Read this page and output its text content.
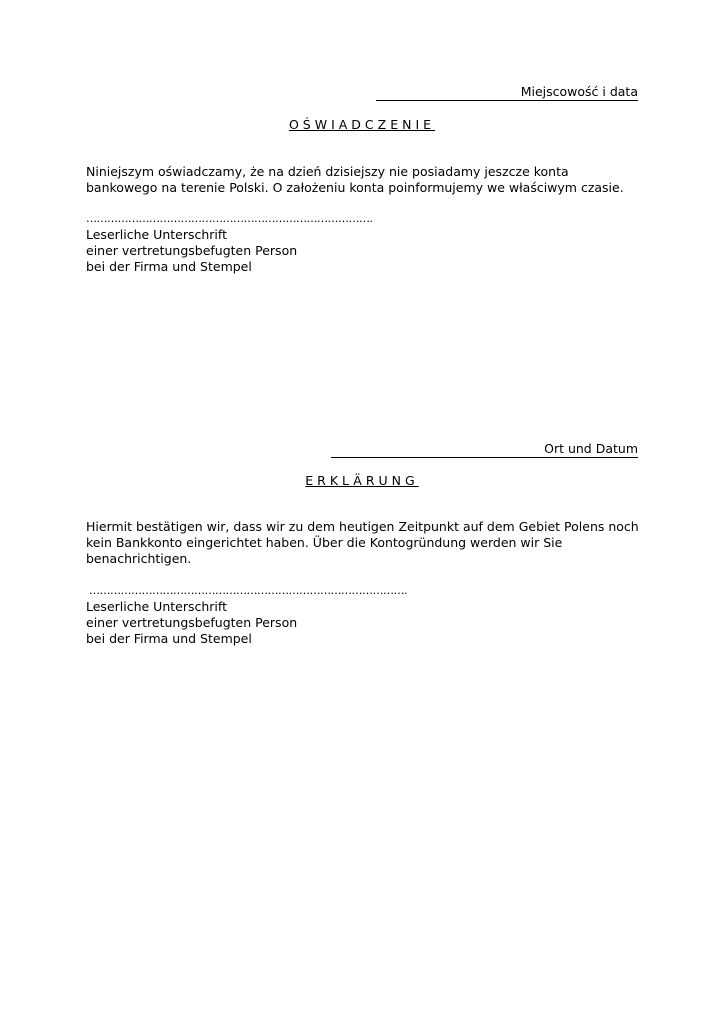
Miejscowość i data
OŚWIADCZENIE
Niniejszym oświadczamy, że na dzień dzisiejszy nie posiadamy jeszcze konta bankowego na terenie Polski. O założeniu konta poinformujemy we właściwym czasie.
……………………………………………………………………….
Leserliche Unterschrift
einer vertretungsbefugten Person
bei der Firma und Stempel
Ort und Datum
ERKLÄRUNG
Hiermit bestätigen wir, dass wir zu dem heutigen Zeitpunkt auf dem Gebiet Polens noch kein Bankkonto eingerichtet haben. Über die Kontogründung werden wir Sie benachrichtigen.
……………………………………………………………………………….
Leserliche Unterschrift
einer vertretungsbefugten Person
bei der Firma und Stempel
